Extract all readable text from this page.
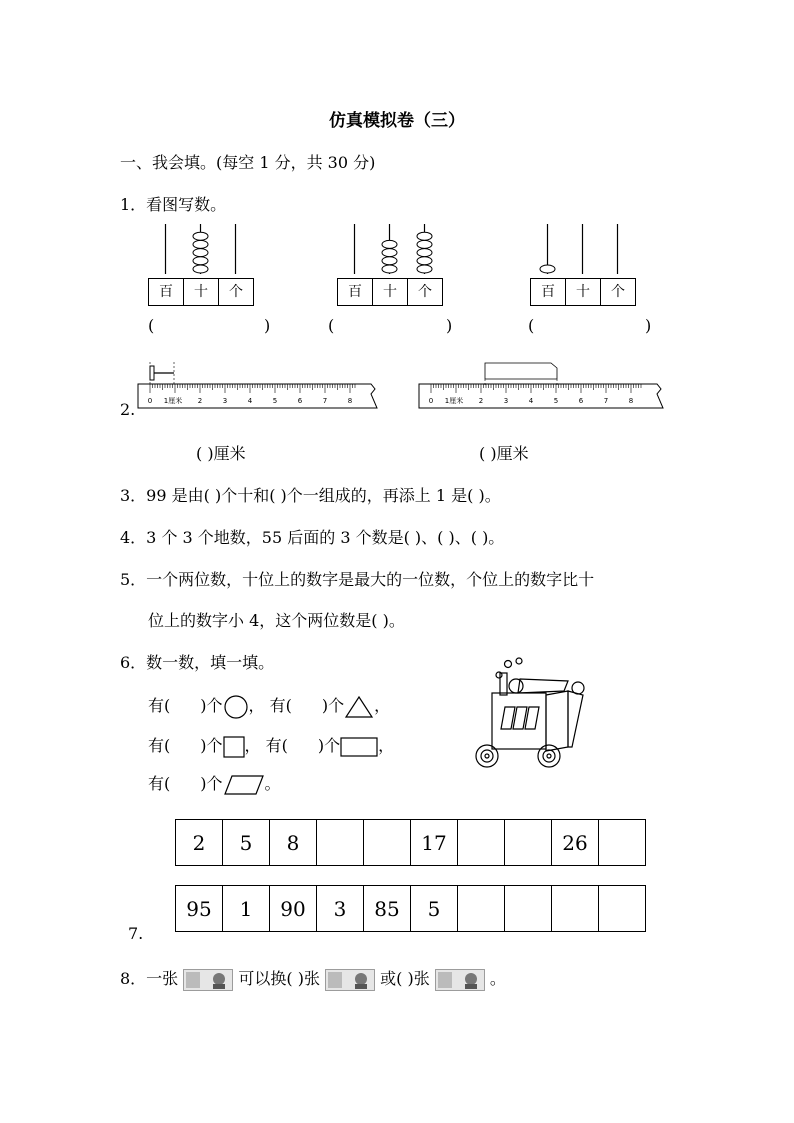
仿真模拟卷（三）
一、我会填。(每空 1 分，共 30 分)
1．看图写数。
百	十	个	百	十	个	百	十	个
(	)	(	)	(	)
2. 0 1厘米 2	3	4	5	6	7	8	0 1厘米 2	3	4	5	6	7	8
( )厘米	( )厘米
3．99 是由( )个十和( )个一组成的，再添上 1 是( )。
4．3 个 3 个地数，55 后面的 3 个数是( )、( )、( )。
5．一个两位数，十位上的数字是最大的一位数，个位上的数字比十
位上的数字小 4，这个两位数是( )。
6．数一数，填一填。
有( )个 ， 有( )个 ，
有( )个 ， 有( )个 ，
有( )个	。
2	5	8			17			26	
95	1	90	3	85	5				
7.
8．一张	可以换( )张	或( )张	。
